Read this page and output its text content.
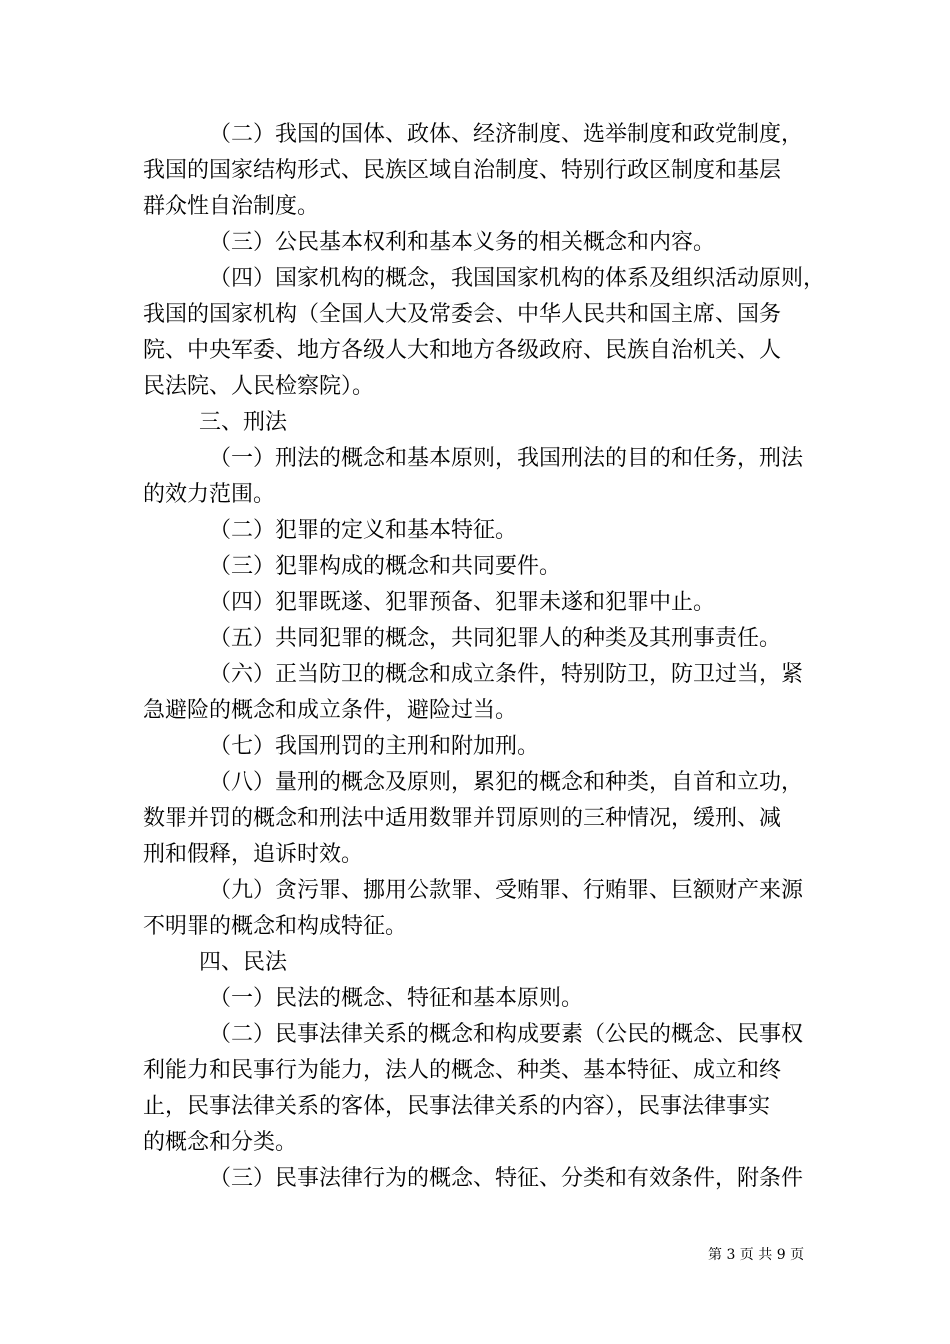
（二）我国的国体、政体、经济制度、选举制度和政党制度，
我国的国家结构形式、民族区域自治制度、特别行政区制度和基层
群众性自治制度。
（三）公民基本权利和基本义务的相关概念和内容。
（四）国家机构的概念，我国国家机构的体系及组织活动原则，
我国的国家机构（全国人大及常委会、中华人民共和国主席、国务
院、中央军委、地方各级人大和地方各级政府、民族自治机关、人
民法院、人民检察院）。
三、刑法
（一）刑法的概念和基本原则，我国刑法的目的和任务，刑法
的效力范围。
（二）犯罪的定义和基本特征。
（三）犯罪构成的概念和共同要件。
（四）犯罪既遂、犯罪预备、犯罪未遂和犯罪中止。
（五）共同犯罪的概念，共同犯罪人的种类及其刑事责任。
（六）正当防卫的概念和成立条件，特别防卫，防卫过当，紧
急避险的概念和成立条件，避险过当。
（七）我国刑罚的主刑和附加刑。
（八）量刑的概念及原则，累犯的概念和种类，自首和立功，
数罪并罚的概念和刑法中适用数罪并罚原则的三种情况，缓刑、减
刑和假释，追诉时效。
（九）贪污罪、挪用公款罪、受贿罪、行贿罪、巨额财产来源
不明罪的概念和构成特征。
四、民法
（一）民法的概念、特征和基本原则。
（二）民事法律关系的概念和构成要素（公民的概念、民事权
利能力和民事行为能力，法人的概念、种类、基本特征、成立和终
止，民事法律关系的客体，民事法律关系的内容），民事法律事实
的概念和分类。
（三）民事法律行为的概念、特征、分类和有效条件，附条件
第 3 页 共 9 页
